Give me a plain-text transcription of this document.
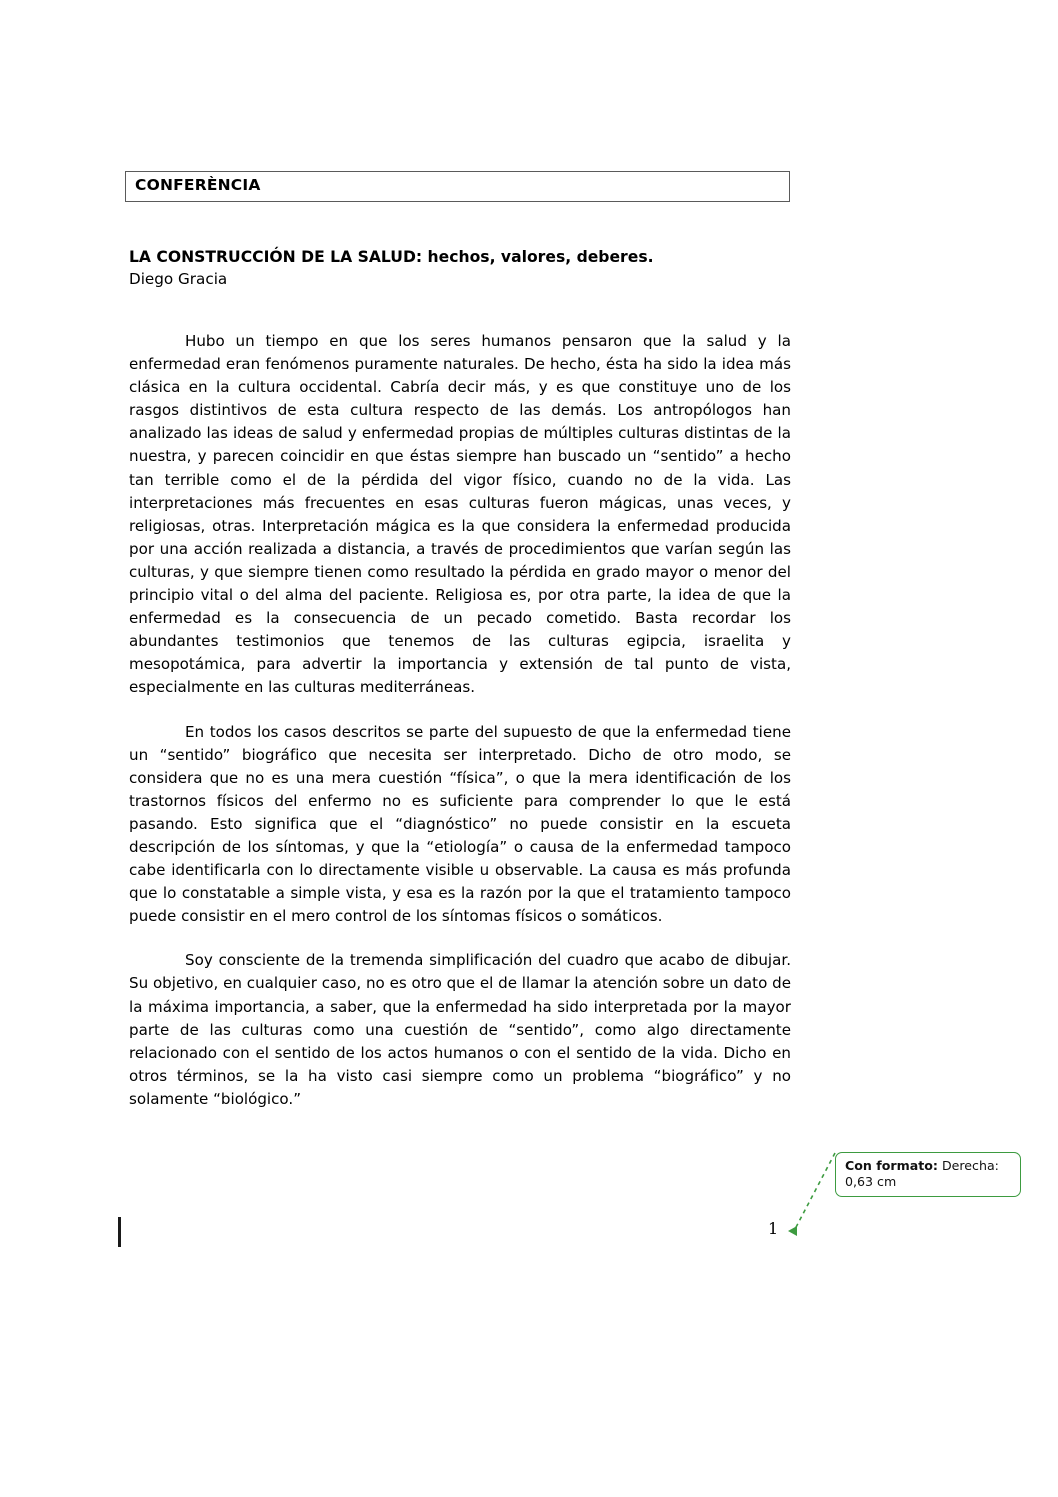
CONFERÈNCIA

LA CONSTRUCCIÓN DE LA SALUD: hechos, valores, deberes.

Diego Gracia

Hubo un tiempo en que los seres humanos pensaron que la salud y la enfermedad eran fenómenos puramente naturales. De hecho, ésta ha sido la idea más clásica en la cultura occidental. Cabría decir más, y es que constituye uno de los rasgos distintivos de esta cultura respecto de las demás. Los antropólogos han analizado las ideas de salud y enfermedad propias de múltiples culturas distintas de la nuestra, y parecen coincidir en que éstas siempre han buscado un “sentido” a hecho tan terrible como el de la pérdida del vigor físico, cuando no de la vida. Las interpretaciones más frecuentes en esas culturas fueron mágicas, unas veces, y religiosas, otras. Interpretación mágica es la que considera la enfermedad producida por una acción realizada a distancia, a través de procedimientos que varían según las culturas, y que siempre tienen como resultado la pérdida en grado mayor o menor del principio vital o del alma del paciente. Religiosa es, por otra parte, la idea de que la enfermedad es la consecuencia de un pecado cometido. Basta recordar los abundantes testimonios que tenemos de las culturas egipcia, israelita y mesopotámica, para advertir la importancia y extensión de tal punto de vista, especialmente en las culturas mediterráneas.

En todos los casos descritos se parte del supuesto de que la enfermedad tiene un “sentido” biográfico que necesita ser interpretado. Dicho de otro modo, se considera que no es una mera cuestión “física”, o que la mera identificación de los trastornos físicos del enfermo no es suficiente para comprender lo que le está pasando. Esto significa que el “diagnóstico” no puede consistir en la escueta descripción de los síntomas, y que la “etiología” o causa de la enfermedad tampoco cabe identificarla con lo directamente visible u observable. La causa es más profunda que lo constatable a simple vista, y esa es la razón por la que el tratamiento tampoco puede consistir en el mero control de los síntomas físicos o somáticos.

Soy consciente de la tremenda simplificación del cuadro que acabo de dibujar. Su objetivo, en cualquier caso, no es otro que el de llamar la atención sobre un dato de la máxima importancia, a saber, que la enfermedad ha sido interpretada por la mayor parte de las culturas como una cuestión de “sentido”, como algo directamente relacionado con el sentido de los actos humanos o con el sentido de la vida. Dicho en otros términos, se la ha visto casi siempre como un problema “biográfico” y no solamente “biológico.”

1
Con formato: Derecha: 0,63 cm
